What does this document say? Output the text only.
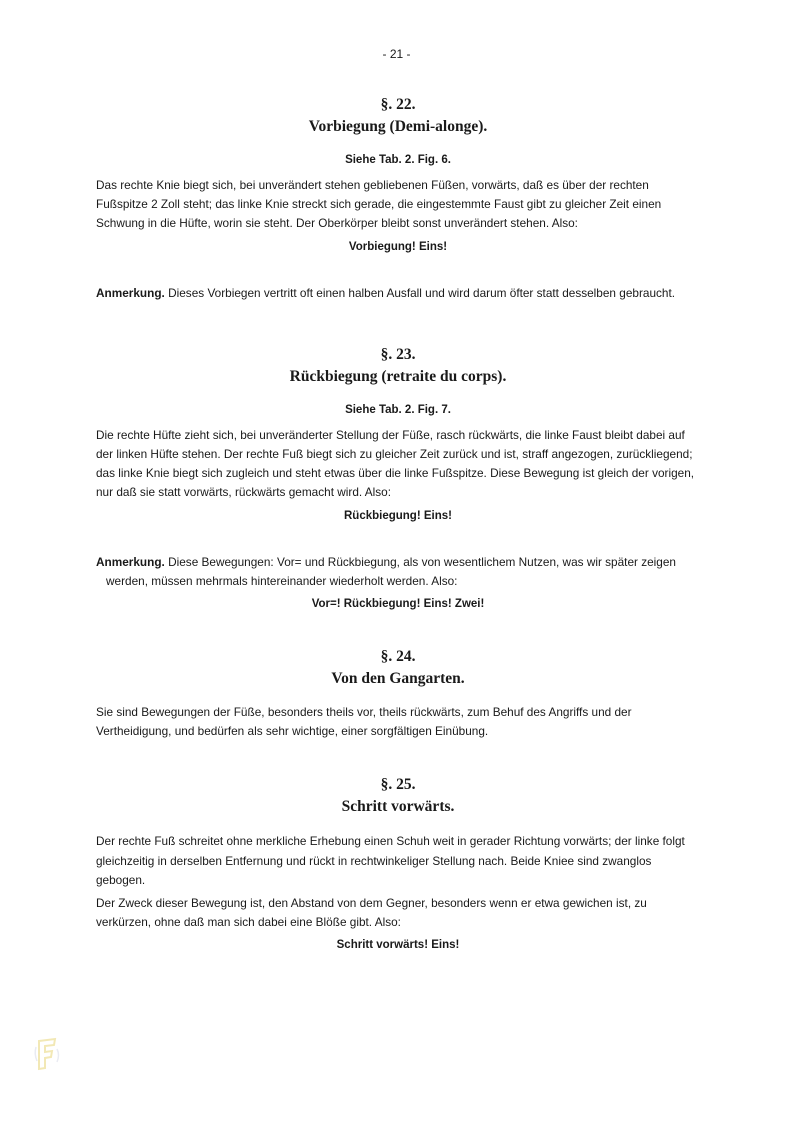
- 21 -
§. 22.
Vorbiegung (Demi-alonge).
Siehe Tab. 2. Fig. 6.

Das rechte Knie biegt sich, bei unverändert stehen gebliebenen Füßen, vorwärts, daß es über der rechten Fußspitze 2 Zoll steht; das linke Knie streckt sich gerade, die eingestemmte Faust gibt zu gleicher Zeit einen Schwung in die Hüfte, worin sie steht. Der Oberkörper bleibt sonst unverändert stehen. Also:

Vorbiegung! Eins!

Anmerkung. Dieses Vorbiegen vertritt oft einen halben Ausfall und wird darum öfter statt desselben gebraucht.

§. 23.
Rückbiegung (retraite du corps).
Siehe Tab. 2. Fig. 7.

Die rechte Hüfte zieht sich, bei unveränderter Stellung der Füße, rasch rückwärts, die linke Faust bleibt dabei auf der linken Hüfte stehen. Der rechte Fuß biegt sich zu gleicher Zeit zurück und ist, straff angezogen, zurückliegend; das linke Knie biegt sich zugleich und steht etwas über die linke Fußspitze. Diese Bewegung ist gleich der vorigen, nur daß sie statt vorwärts, rückwärts gemacht wird. Also:

Rückbiegung! Eins!

Anmerkung. Diese Bewegungen: Vor= und Rückbiegung, als von wesentlichem Nutzen, was wir später zeigen werden, müssen mehrmals hintereinander wiederholt werden. Also:

Vor=! Rückbiegung! Eins! Zwei!

§. 24.
Von den Gangarten.

Sie sind Bewegungen der Füße, besonders theils vor, theils rückwärts, zum Behuf des Angriffs und der Vertheidigung, und bedürfen als sehr wichtige, einer sorgfältigen Einübung.

§. 25.
Schritt vorwärts.

Der rechte Fuß schreitet ohne merkliche Erhebung einen Schuh weit in gerader Richtung vorwärts; der linke folgt gleichzeitig in derselben Entfernung und rückt in rechtwinkeliger Stellung nach. Beide Kniee sind zwanglos gebogen.

Der Zweck dieser Bewegung ist, den Abstand von dem Gegner, besonders wenn er etwa gewichen ist, zu verkürzen, ohne daß man sich dabei eine Blöße gibt. Also:

Schritt vorwärts! Eins!
